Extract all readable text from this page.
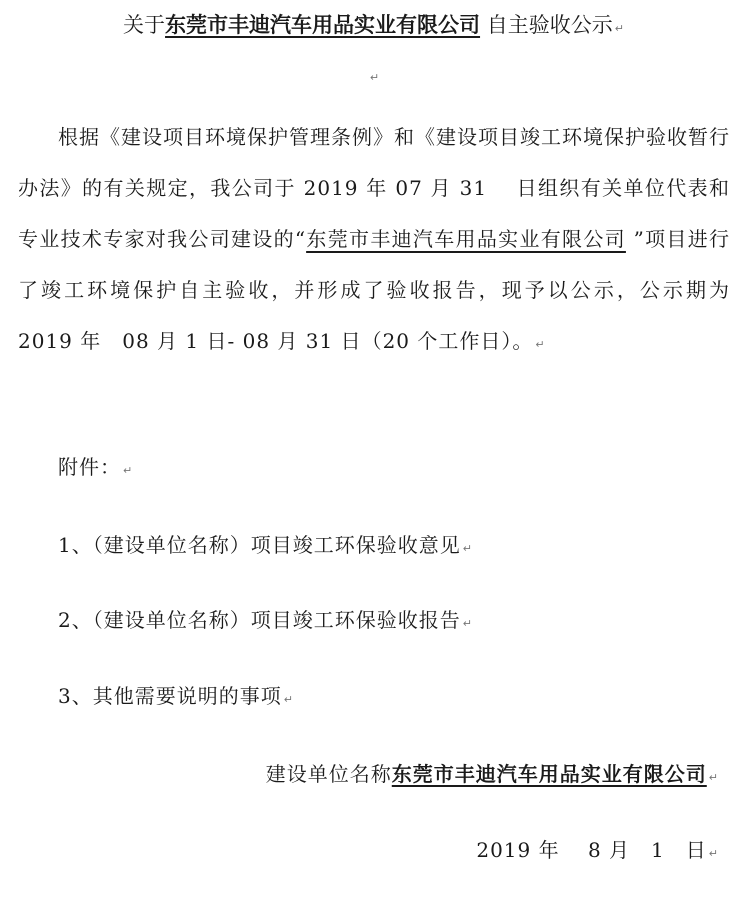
关于东莞市丰迪汽车用品实业有限公司 自主验收公示 ↵
↵

根据《建设项目环境保护管理条例》和《建设项目竣工环境保护验收暂行办法》的有关规定，我公司于 2019 年 07 月 31　 日组织有关单位代表和专业技术专家对我公司建设的“东莞市丰迪汽车用品实业有限公司 ”项目进行了竣工环境保护自主验收，并形成了验收报告，现予以公示，公示期为 2019 年　08 月 1 日- 08 月 31 日（20 个工作日）。 ↵

附件： ↵
1、（建设单位名称）项目竣工环保验收意见 ↵
2、（建设单位名称）项目竣工环保验收报告 ↵
3、其他需要说明的事项 ↵
建设单位名称东莞市丰迪汽车用品实业有限公司 ↵
2019 年　 8 月　1　日 ↵
